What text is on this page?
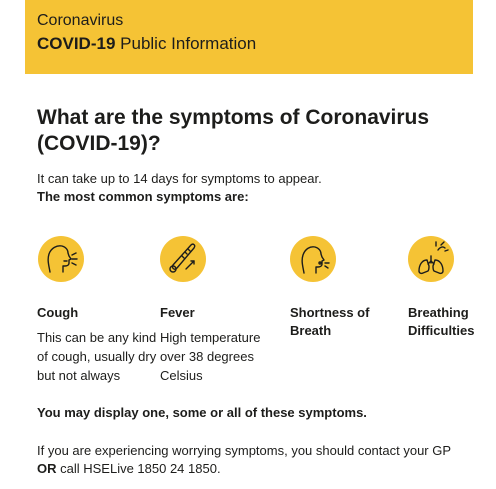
Coronavirus
COVID-19 Public Information
What are the symptoms of Coronavirus (COVID-19)?

It can take up to 14 days for symptoms to appear.

The most common symptoms are:

Cough
This can be any kind of cough, usually dry but not always
Fever
High temperature over 38 degrees Celsius
Shortness of Breath
Breathing Difficulties

You may display one, some or all of these symptoms.

If you are experiencing worrying symptoms, you should contact your GP

OR call HSELive 1850 24 1850.
